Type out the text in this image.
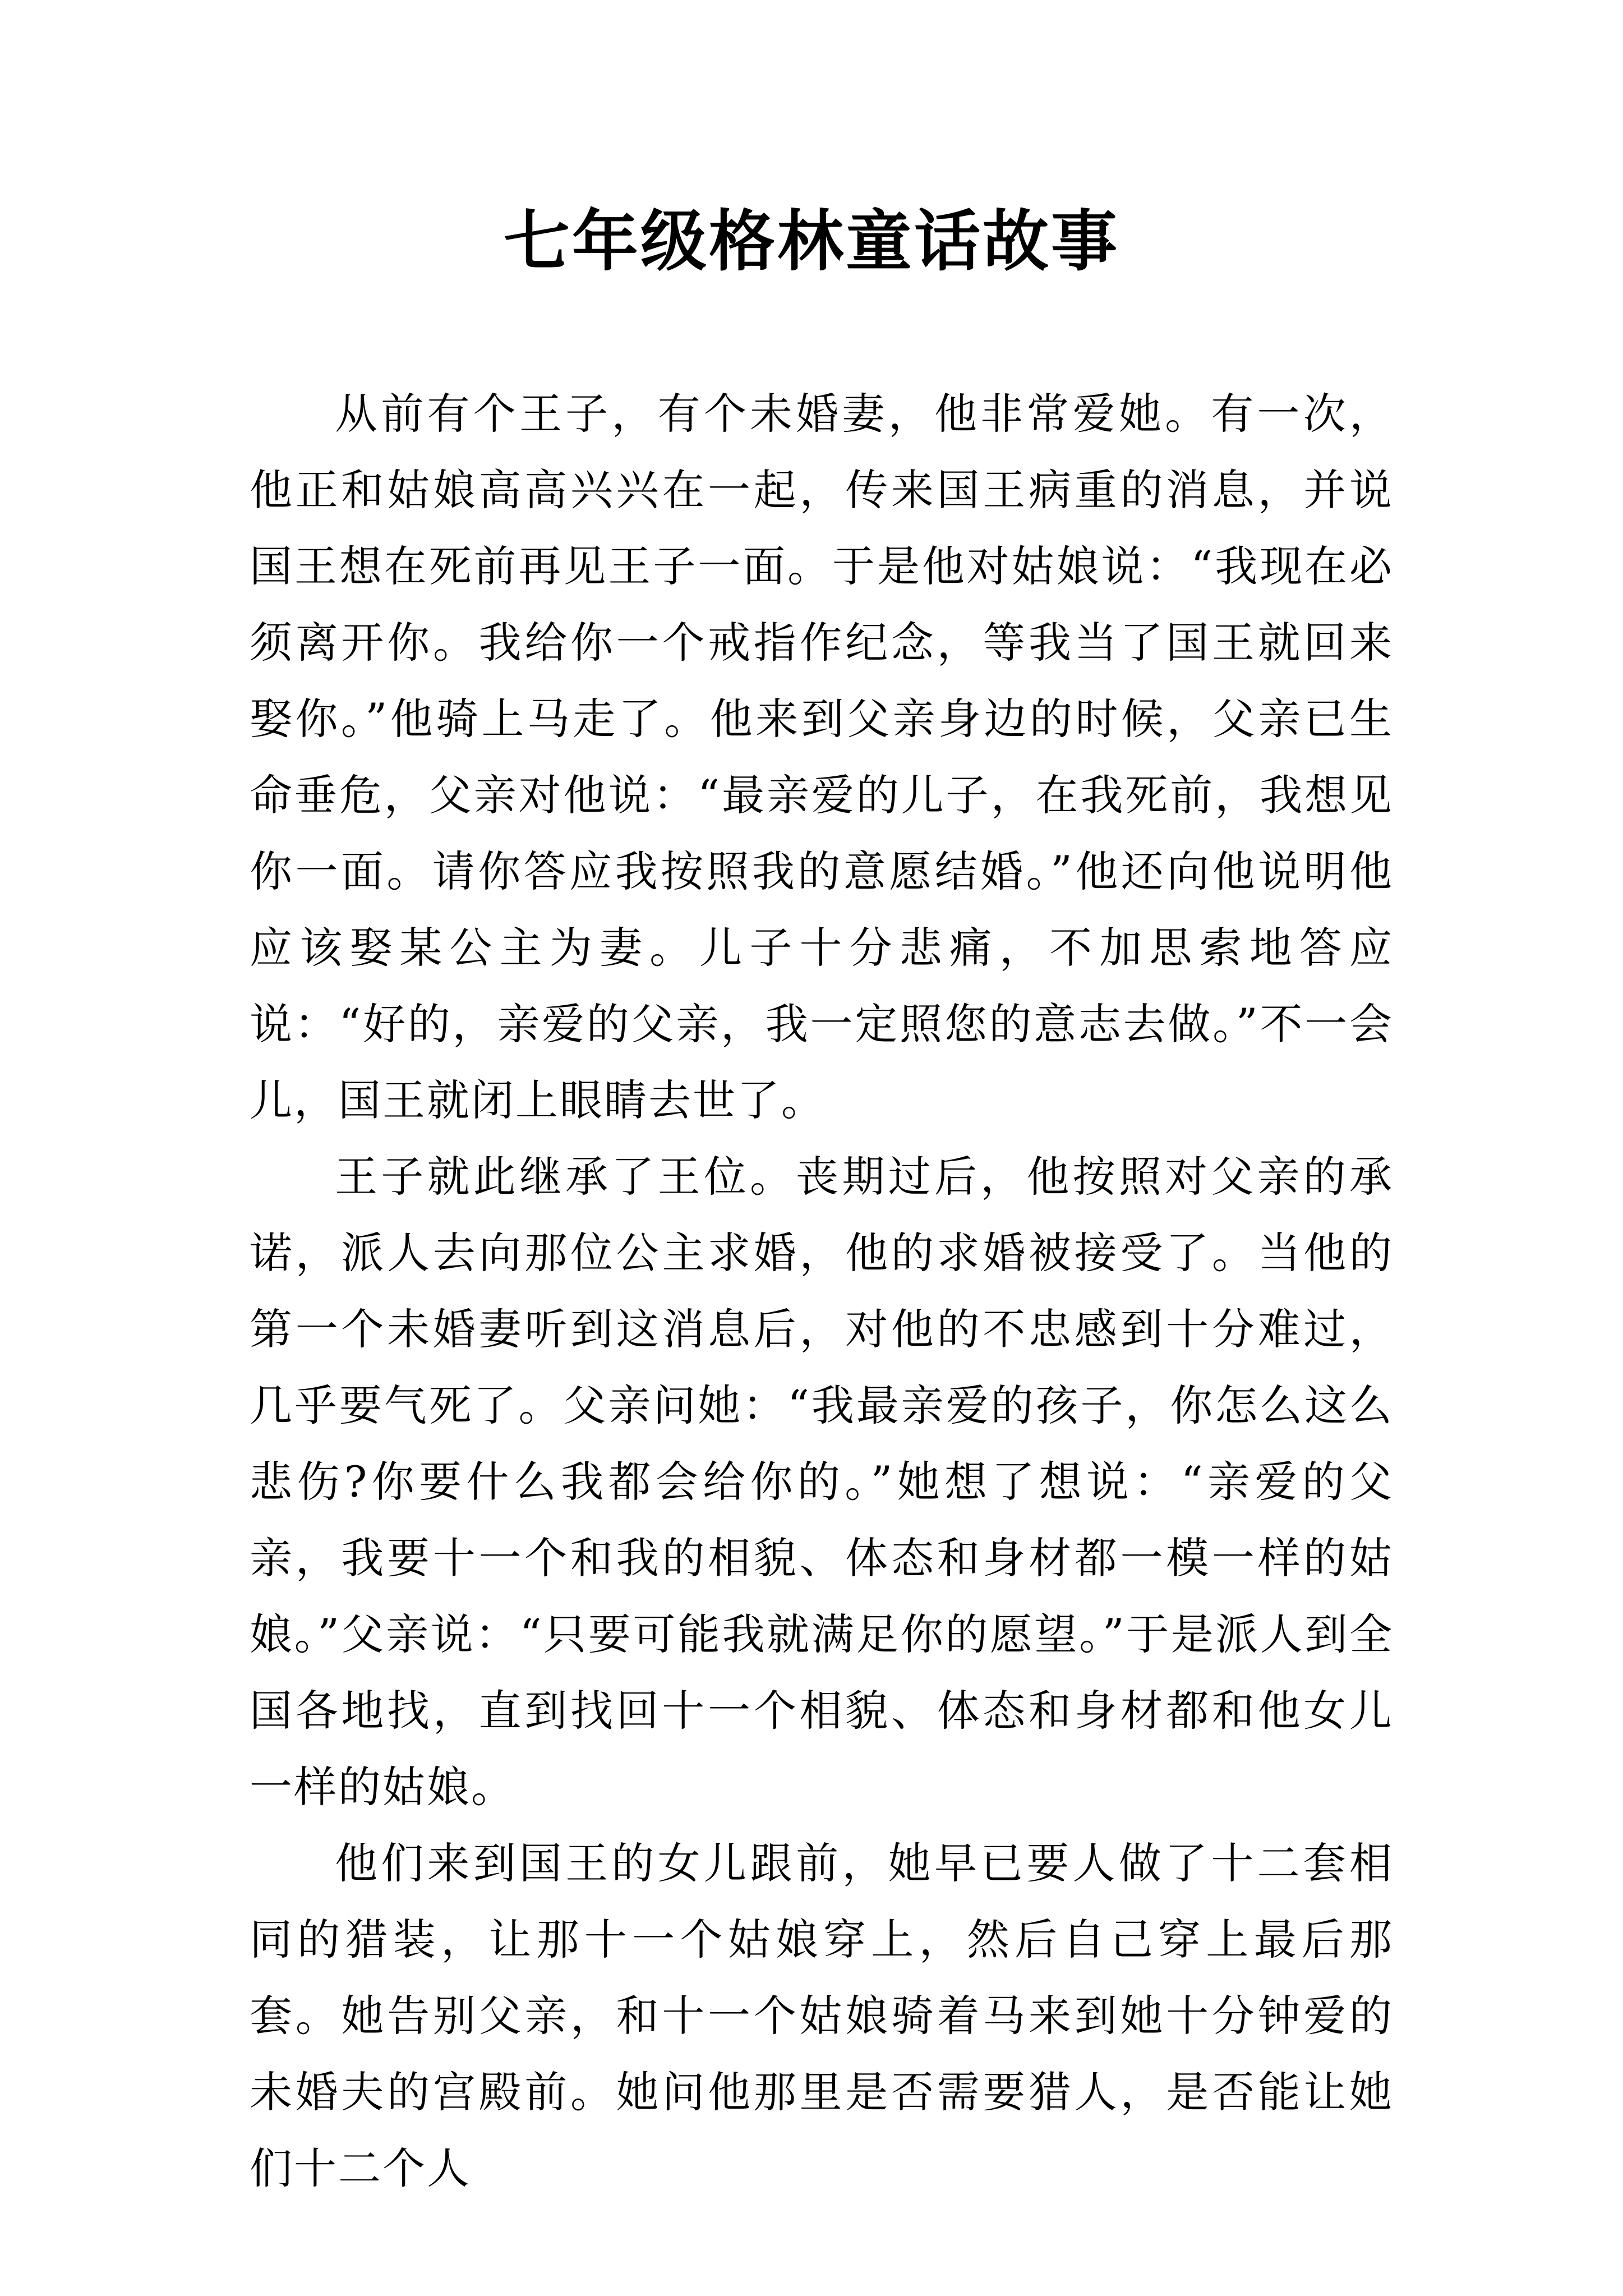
七年级格林童话故事

从前有个王子，有个未婚妻，他非常爱她。有一次，他正和姑娘高高兴兴在一起，传来国王病重的消息，并说国王想在死前再见王子一面。于是他对姑娘说：“我现在必须离开你。我给你一个戒指作纪念，等我当了国王就回来娶你。”他骑上马走了。他来到父亲身边的时候，父亲已生命垂危，父亲对他说：“最亲爱的儿子，在我死前，我想见你一面。请你答应我按照我的意愿结婚。”他还向他说明他应该娶某公主为妻。儿子十分悲痛，不加思索地答应说：“好的，亲爱的父亲，我一定照您的意志去做。”不一会儿，国王就闭上眼睛去世了。

王子就此继承了王位。丧期过后，他按照对父亲的承诺，派人去向那位公主求婚，他的求婚被接受了。当他的第一个未婚妻听到这消息后，对他的不忠感到十分难过，几乎要气死了。父亲问她：“我最亲爱的孩子，你怎么这么悲伤?你要什么我都会给你的。”她想了想说：“亲爱的父亲，我要十一个和我的相貌、体态和身材都一模一样的姑娘。”父亲说：“只要可能我就满足你的愿望。”于是派人到全国各地找，直到找回十一个相貌、体态和身材都和他女儿一样的姑娘。

他们来到国王的女儿跟前，她早已要人做了十二套相同的猎装，让那十一个姑娘穿上，然后自己穿上最后那套。她告别父亲，和十一个姑娘骑着马来到她十分钟爱的未婚夫的宫殿前。她问他那里是否需要猎人，是否能让她们十二个人
